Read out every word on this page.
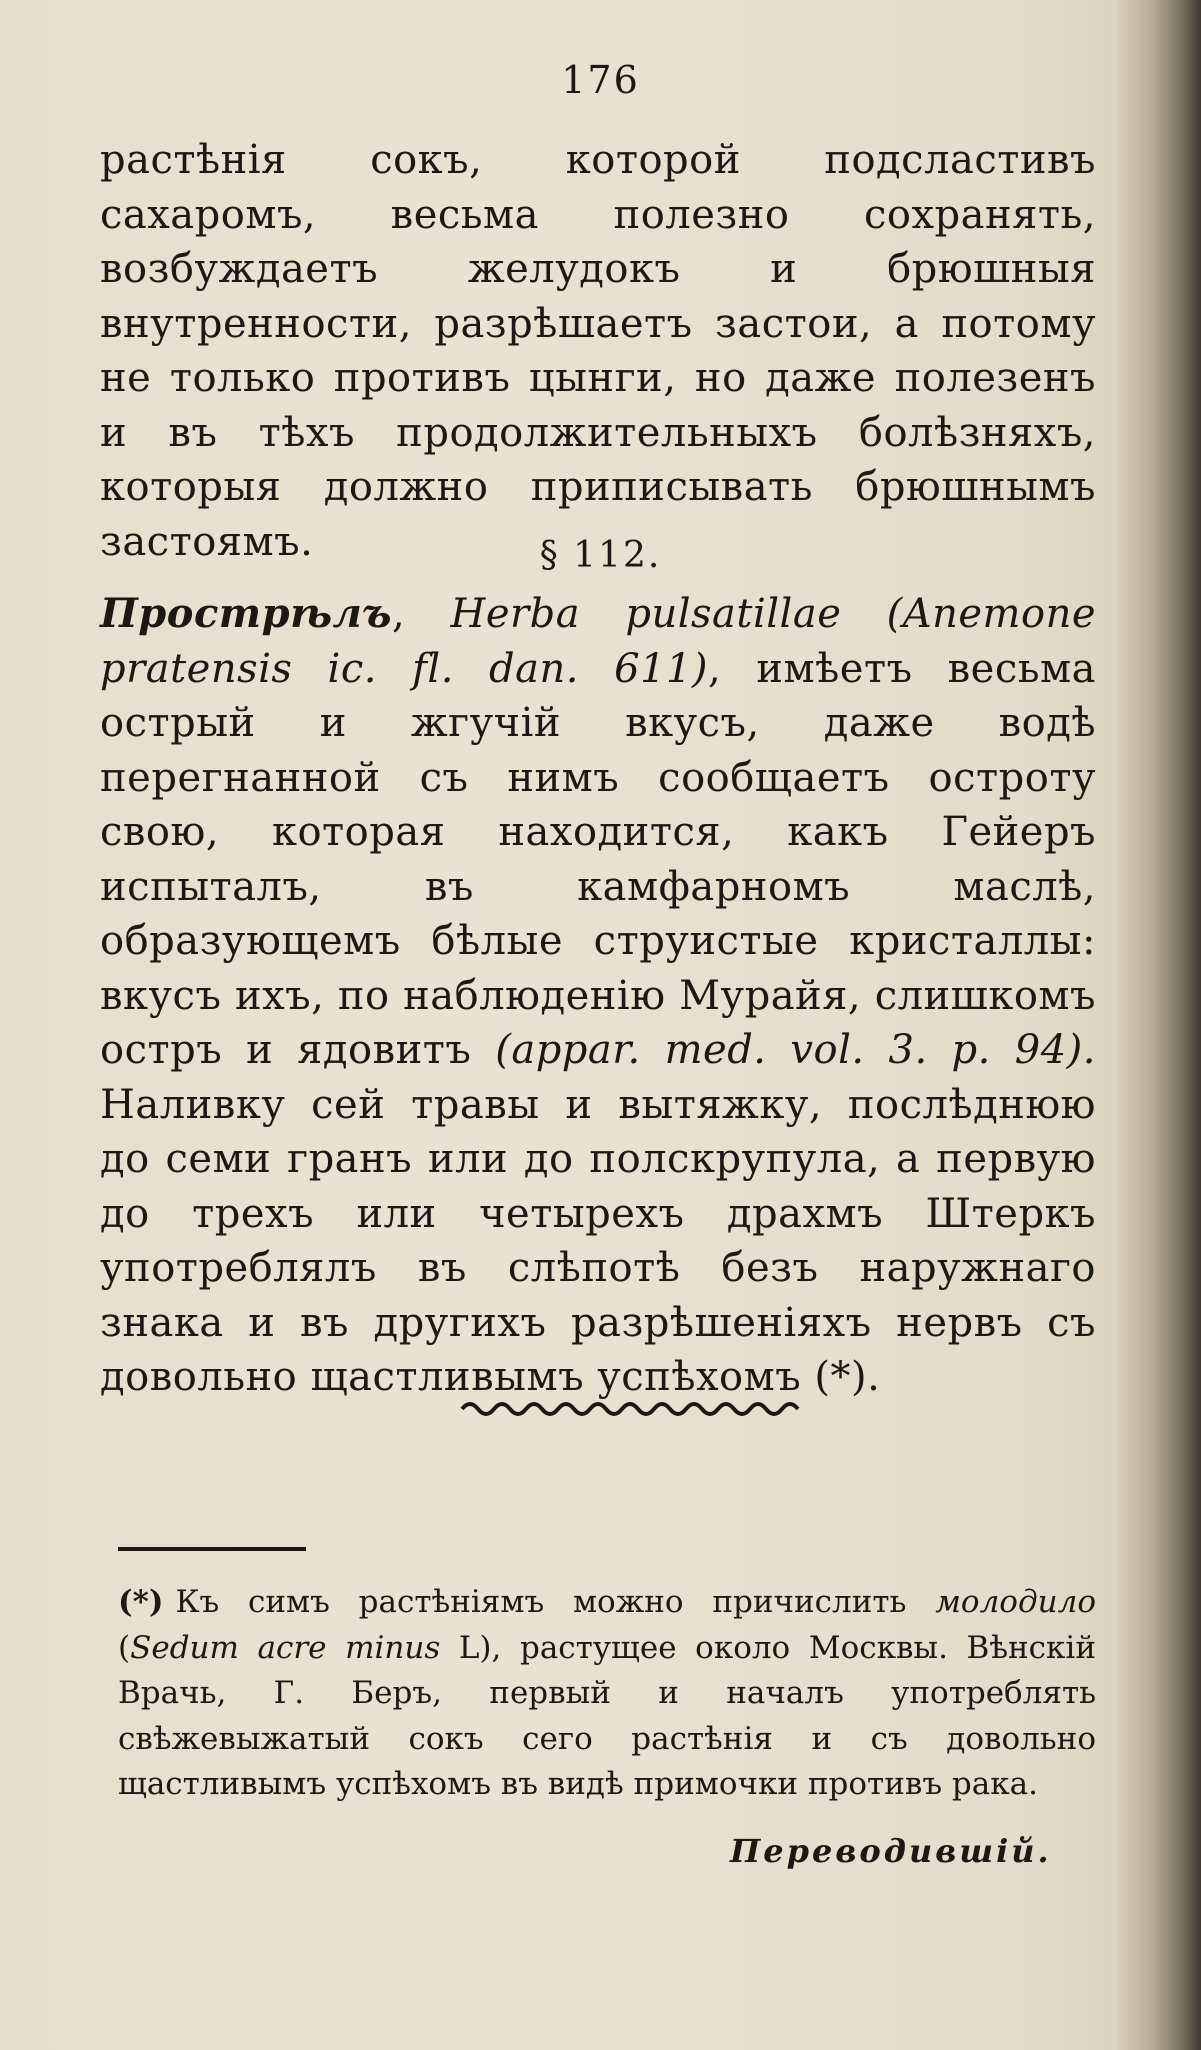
176
растѣнія сокъ, которой подсластивъ сахаромъ, весьма полезно сохранять, возбуждаетъ желудокъ и брюшныя внутренности, разрѣшаетъ застои, а потому не только противъ цынги, но даже полезенъ и въ тѣхъ продолжительныхъ болѣзняхъ, которыя должно приписывать брюшнымъ застоямъ.	§ 112.
Прострѣлъ, Herba pulsatillae (Anemone pratensis ic. fl. dan. 611), имѣетъ весьма острый и жгучій вкусъ, даже водѣ перегнанной съ нимъ сообщаетъ остроту свою, которая находится, какъ Гейеръ испыталъ, въ камфарномъ маслѣ, образующемъ бѣлые струистые кристаллы: вкусъ ихъ, по наблюденію Мурайя, слишкомъ остръ и ядовитъ (appar. med. vol. 3. p. 94). Наливку сей травы и вытяжку, послѣднюю до семи гранъ или до полскрупула, а первую до трехъ или четырехъ драхмъ Штеркъ употреблялъ въ слѣпотѣ безъ наружнаго знака и въ другихъ разрѣшеніяхъ нервъ съ довольно щастливымъ успѣхомъ (*).
(*) Къ симъ растѣніямъ можно причислить молодило (Sedum acre minus L), растущее около Москвы. Вѣнскій Врачь, Г. Беръ, первый и началъ употреблять свѣжевыжатый сокъ сего растѣнія и съ довольно щастливымъ успѣхомъ въ видѣ примочки противъ рака.
Переводившій.
